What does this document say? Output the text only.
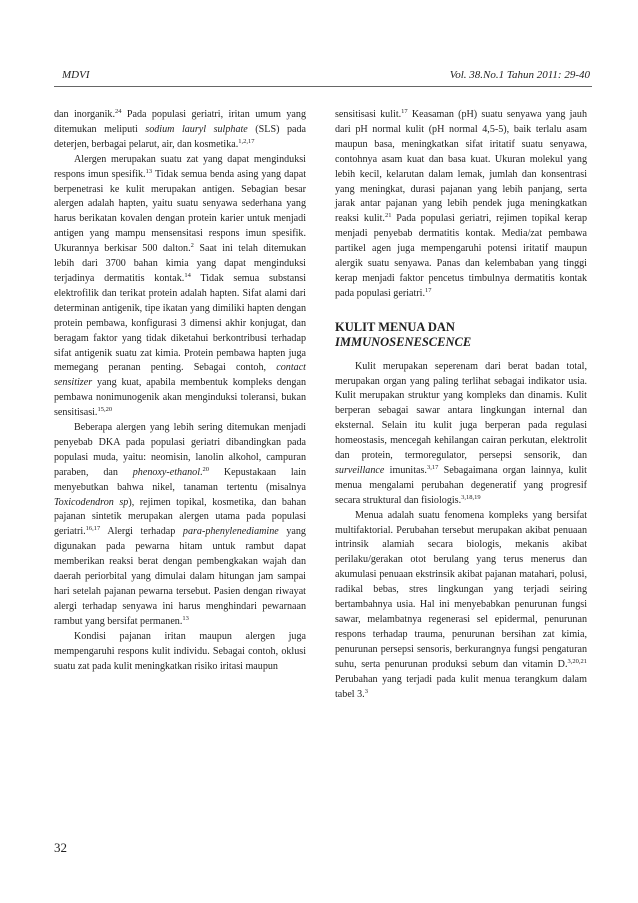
MDVI	Vol. 38.No.1 Tahun 2011: 29-40

dan inorganik.$^{24}$ Pada populasi geriatri, iritan umum yang ditemukan meliputi sodium lauryl sulphate (SLS) pada deterjen, berbagai pelarut, air, dan kosmetika.$^{1,2,17}$

Alergen merupakan suatu zat yang dapat menginduksi respons imun spesifik.$^{13}$ Tidak semua benda asing yang dapat berpenetrasi ke kulit merupakan antigen. Sebagian besar alergen adalah hapten, yaitu suatu senyawa sederhana yang harus berikatan kovalen dengan protein karier untuk menjadi antigen yang mampu mensensitasi respons imun spesifik. Ukurannya berkisar 500 dalton.$^2$ Saat ini telah ditemukan lebih dari 3700 bahan kimia yang dapat menginduksi terjadinya dermatitis kontak.$^{14}$ Tidak semua substansi elektrofilik dan terikat protein adalah hapten. Sifat alami dari determinan antigenik, tipe ikatan yang dimiliki hapten dengan protein pembawa, konfigurasi 3 dimensi akhir konjugat, dan beragam faktor yang tidak diketahui berkontribusi terhadap sifat antigenik suatu zat kimia. Protein pembawa hapten juga memegang peranan penting. Sebagai contoh, contact sensitizer yang kuat, apabila membentuk kompleks dengan pembawa nonimunogenik akan menginduksi toleransi, bukan sensitisasi.$^{15,20}$

Beberapa alergen yang lebih sering ditemukan menjadi penyebab DKA pada populasi geriatri dibandingkan pada populasi muda, yaitu: neomisin, lanolin alkohol, campuran paraben, dan phenoxy-ethanol.$^{20}$ Kepustakaan lain menyebutkan bahwa nikel, tanaman tertentu (misalnya Toxicodendron sp), rejimen topikal, kosmetika, dan bahan pajanan sintetik merupakan alergen utama pada populasi geriatri.$^{16,17}$ Alergi terhadap para-phenylenediamine yang digunakan pada pewarna hitam untuk rambut dapat memberikan reaksi berat dengan pembengkakan wajah dan daerah periorbital yang dimulai dalam hitungan jam sampai hari setelah pajanan pewarna tersebut. Pasien dengan riwayat alergi terhadap senyawa ini harus menghindari pewarnaan rambut yang bersifat permanen.$^{13}$

Kondisi pajanan iritan maupun alergen juga mempengaruhi respons kulit individu. Sebagai contoh, oklusi suatu zat pada kulit meningkatkan risiko iritasi maupun

sensitisasi kulit.$^{17}$ Keasaman (pH) suatu senyawa yang jauh dari pH normal kulit (pH normal 4,5-5), baik terlalu asam maupun basa, meningkatkan sifat iritatif suatu senyawa, contohnya asam kuat dan basa kuat. Ukuran molekul yang lebih kecil, kelarutan dalam lemak, jumlah dan konsentrasi yang meningkat, durasi pajanan yang lebih panjang, serta jarak antar pajanan yang lebih pendek juga meningkatkan reaksi kulit.$^{21}$ Pada populasi geriatri, rejimen topikal kerap menjadi penyebab dermatitis kontak. Media/zat pembawa partikel agen juga mempengaruhi potensi iritatif maupun alergik suatu senyawa. Panas dan kelembaban yang tinggi kerap menjadi faktor pencetus timbulnya dermatitis kontak pada populasi geriatri.$^{17}$

KULIT MENUA DAN IMMUNOSENESCENCE

Kulit merupakan seperenam dari berat badan total, merupakan organ yang paling terlihat sebagai indikator usia. Kulit merupakan struktur yang kompleks dan dinamis. Kulit berperan sebagai sawar antara lingkungan internal dan eksternal. Selain itu kulit juga berperan pada regulasi homeostasis, mencegah kehilangan cairan perkutan, elektrolit dan protein, termoregulator, persepsi sensorik, dan surveillance imunitas.$^{3,17}$ Sebagaimana organ lainnya, kulit menua mengalami perubahan degeneratif yang progresif secara struktural dan fisiologis.$^{3,18,19}$

Menua adalah suatu fenomena kompleks yang bersifat multifaktorial. Perubahan tersebut merupakan akibat penuaan intrinsik alamiah secara biologis, mekanis akibat perilaku/gerakan otot berulang yang terus menerus dan akumulasi penuaan ekstrinsik akibat pajanan matahari, polusi, radikal bebas, stres lingkungan yang terjadi seiring bertambahnya usia. Hal ini menyebabkan penurunan fungsi sawar, melambatnya regenerasi sel epidermal, penurunan respons terhadap trauma, penurunan bersihan zat kimia, penurunan persepsi sensoris, berkurangnya fungsi pengaturan suhu, serta penurunan produksi sebum dan vitamin D.$^{3,20,21}$ Perubahan yang terjadi pada kulit menua terangkum dalam tabel 3.$^3$

32
